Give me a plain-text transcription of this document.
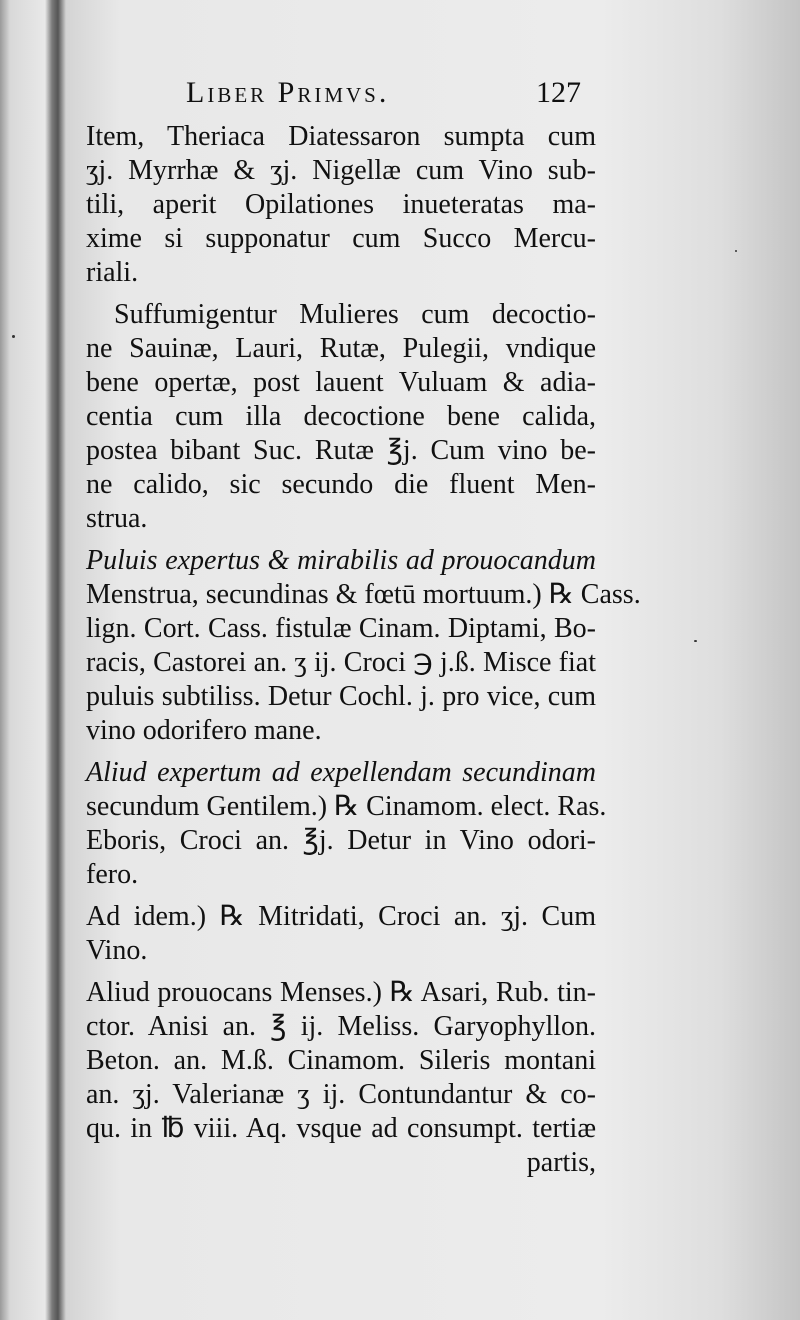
Liber Primvs.	127
Item, Theriaca Diatessaron sumpta cum
ʒj. Myrrhæ & ʒj. Nigellæ cum Vino sub-
tili, aperit Opilationes inueteratas ma-
xime si supponatur cum Succo Mercu-
riali.
Suffumigentur Mulieres cum decoctio-
ne Sauinæ, Lauri, Rutæ, Pulegii, vndique
bene opertæ, post lauent Vuluam & adia-
centia cum illa decoctione bene calida,
postea bibant Suc. Rutæ ℥j. Cum vino be-
ne calido, sic secundo die fluent Men-
strua.
Puluis expertus & mirabilis ad prouocandum
Menstrua, secundinas & fœtū mortuum.) ℞ Cass.
lign. Cort. Cass. fistulæ Cinam. Diptami, Bo-
racis, Castorei an. ʒ ij. Croci ℈ j.ß. Misce fiat
puluis subtiliss. Detur Cochl. j. pro vice, cum
vino odorifero mane.
Aliud expertum ad expellendam secundinam
secundum Gentilem.) ℞ Cinamom. elect. Ras.
Eboris, Croci an. ℥j. Detur in Vino odori-
fero.
Ad idem.) ℞ Mitridati, Croci an. ʒj. Cum
Vino.
Aliud prouocans Menses.) ℞ Asari, Rub. tin-
ctor. Anisi an. ℥ ij. Meliss. Garyophyllon.
Beton. an. M.ß. Cinamom. Sileris montani
an. ʒj. Valerianæ ʒ ij. Contundantur & co-
qu. in ℔ viii. Aq. vsque ad consumpt. tertiæ
partis,
